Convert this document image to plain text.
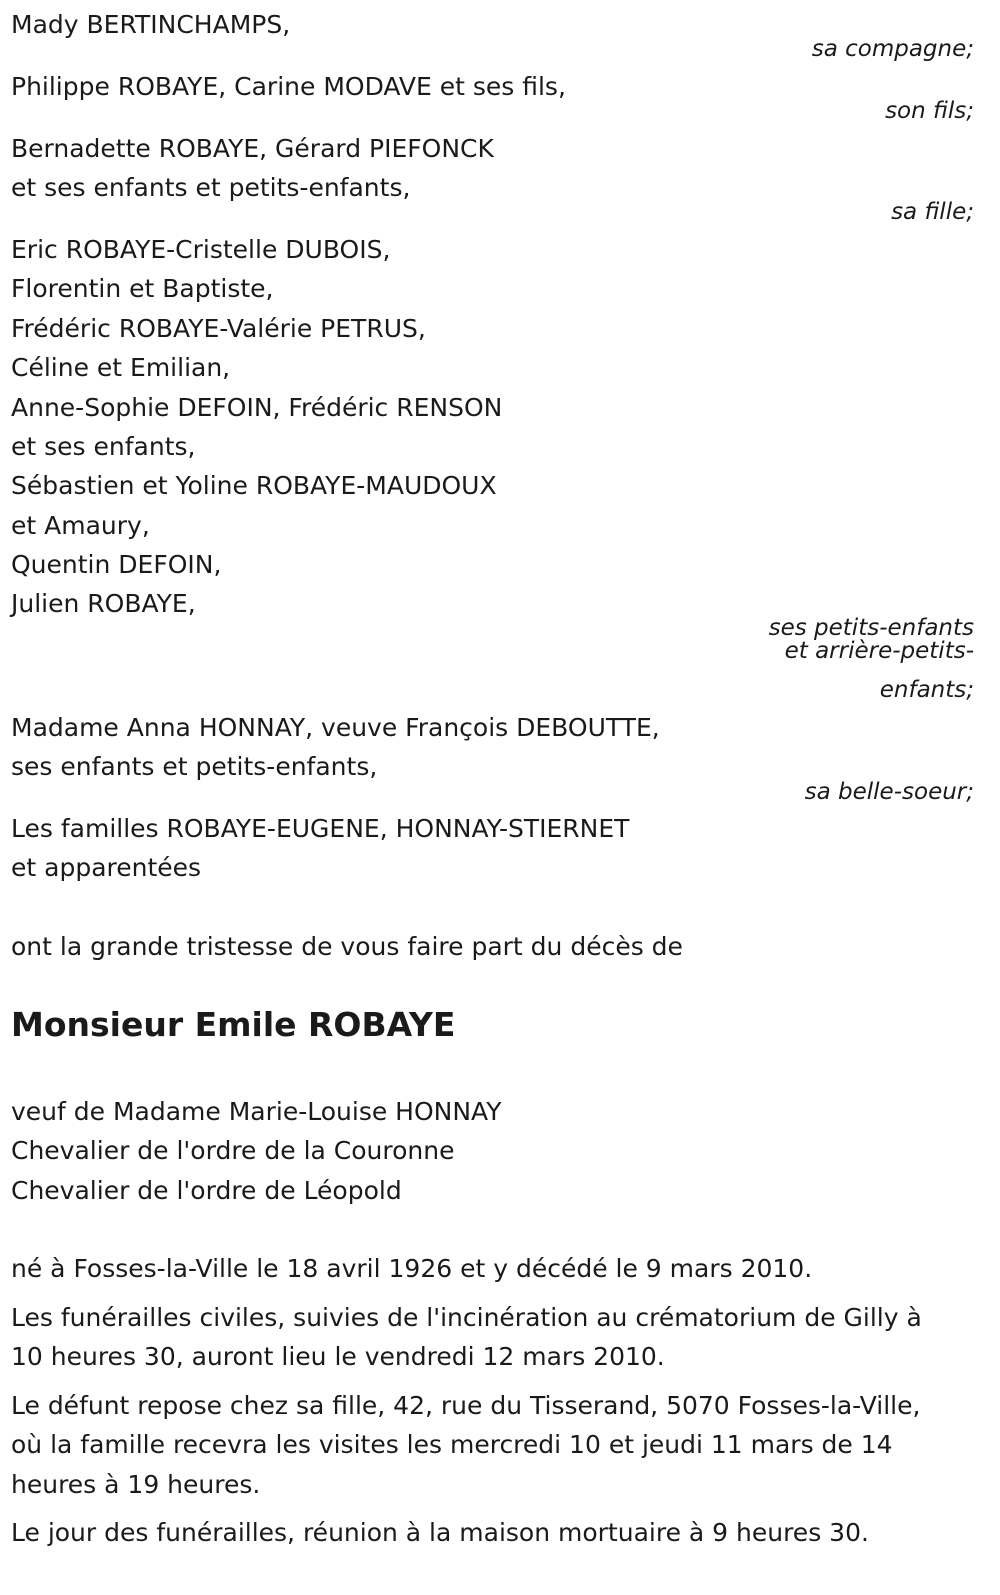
Mady BERTINCHAMPS,
sa compagne;
Philippe ROBAYE, Carine MODAVE et ses fils,
son fils;
Bernadette ROBAYE, Gérard PIEFONCK
et ses enfants et petits-enfants,
sa fille;
Eric ROBAYE-Cristelle DUBOIS,
Florentin et Baptiste,
Frédéric ROBAYE-Valérie PETRUS,
Céline et Emilian,
Anne-Sophie DEFOIN, Frédéric RENSON
et ses enfants,
Sébastien et Yoline ROBAYE-MAUDOUX
et Amaury,
Quentin DEFOIN,
Julien ROBAYE,
ses petits-enfants
et arrière-petits-
enfants;
Madame Anna HONNAY, veuve François DEBOUTTE,
ses enfants et petits-enfants,
sa belle-soeur;
Les familles ROBAYE-EUGENE, HONNAY-STIERNET
et apparentées
ont la grande tristesse de vous faire part du décès de
Monsieur Emile ROBAYE
veuf de Madame Marie-Louise HONNAY
Chevalier de l'ordre de la Couronne
Chevalier de l'ordre de Léopold
né à Fosses-la-Ville le 18 avril 1926 et y décédé le 9 mars 2010.
Les funérailles civiles, suivies de l'incinération au crématorium de Gilly à
10 heures 30, auront lieu le vendredi 12 mars 2010.
Le défunt repose chez sa fille, 42, rue du Tisserand, 5070 Fosses-la-Ville,
où la famille recevra les visites les mercredi 10 et jeudi 11 mars de 14
heures à 19 heures.
Le jour des funérailles, réunion à la maison mortuaire à 9 heures 30.
